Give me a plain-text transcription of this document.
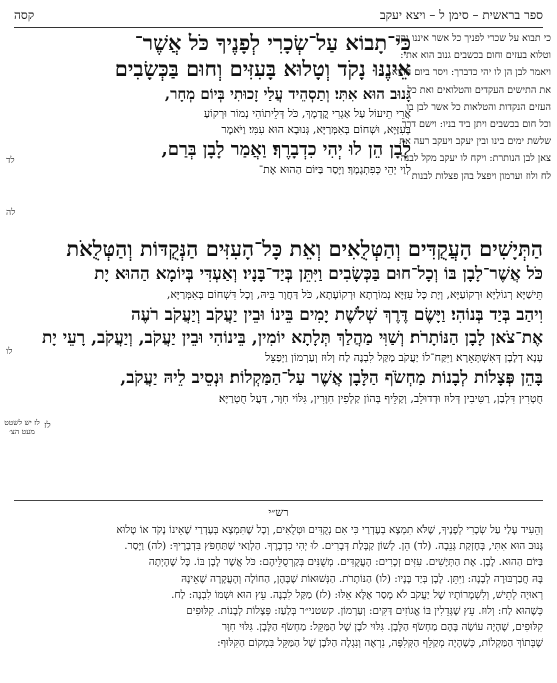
ספר בראשית – סימן ל – ויצא יעקב
קסה
כי תבוא על שכרי לפניך כל אשר איננו נקד
וטלוא בעזים וחום בכשבים גנוב הוא אתי:
ויאמר לבן הן לו יהי כדברך: ויסר ביום ההוא
את התישים העקדים והטלואים ואת כל
העזים הנקדות והטלאות כל אשר לבן בו
וכל חום בכשבים ויתן ביד בניו: וישם דרך
שלשת ימים בינו ובין יעקב ויעקב רעה את
צאן לבן הנותרת: ויקח לו יעקב מקל לבנה
לח ולוז וערמון ויפצל בהן פצלות לבנות
כִּי־תָבוֹא עַל־שְׂכָרִי לְפָנֶיךָ כֹּל אֲשֶׁר־
אֵינֶנּוּ נָקֹד וְטָלוּא בָּעִזִּים וְחוּם בַּכְּשָׂבִים
גָּנוּב הוּא אִתִּי׃ וְתַסְהֵיד עֲלַי זָכוּתִי בְּיוֹם מְחָר,
אֲרֵי תֵיעוֹל עַל אַגְרִי קֳדָמָךְ, כֹּל דְּלֵיתוֹהִי נְמוֹר וּרְקוֹעַ
בְּעִזַּיָּא, וּשְׁחוֹם בְּאִמְּרַיָּא, גְּנוּבָא הוּא עִמִּי׃ וַיֹּאמֶר
לָבָן הֵן לוּ יְהִי כִדְבָרֶךָ׃ וַאֲמַר לָבָן בְּרַם,
לְוַי יְהֵי כְּפִתְגָמָךְ׃ וַיָּסַר בַּיּוֹם הַהוּא אֶת־
לד
לה
הַתְּיָשִׁים הָעֲקֻדִּים וְהַטְּלֻאִים וְאֵת כָּל־הָעִזִּים הַנְּקֻדּוֹת וְהַטְּלֻאֹת
כֹּל אֲשֶׁר־לָבָן בּוֹ וְכָל־חוּם בַּכְּשָׂבִים וַיִּתֵּן בְּיַד־בָּנָיו׃ וְאַעְדִּי בְּיוֹמָא הַהוּא יָת
תֵּישַׁיָּא רְגוֹלַיָּא וּרְקוֹעַיָּא, וְיָת כָּל עִזַּיָּא נְמוֹרָתָא וּרְקוֹעָתָא, כֹּל דַּחֲוָר בֵּיהּ, וְכָל דִּשְׁחוֹם בְּאִמְּרַיָּא,
וִיהַב בְּיַד בְּנוֹהִי׃ וַיָּשֶׂם דֶּרֶךְ שְׁלֹשֶׁת יָמִים בֵּינוֹ וּבֵין יַעֲקֹב וְיַעֲקֹב רֹעֶה
אֶת־צֹאן לָבָן הַנּוֹתָרֹת׃ וְשַׁוִּי מַהֲלַךְ תְּלָתָא יוֹמִין, בֵּינוֹהִי וּבֵין יַעֲקֹב, וְיַעֲקֹב, רָעֵי יָת
עָנָא דְלָבָן דְּאִשְׁתְּאָרָא׃ וַיִּקַּח־לוֹ יַעֲקֹב מַקַּל לִבְנֶה לַח וְלוּז וְעַרְמוֹן וַיְפַצֵּל
בָּהֵן פְּצָלוֹת לְבָנוֹת מַחְשֹׂף הַלָּבָן אֲשֶׁר עַל־הַמַּקְלוֹת׃ וּנְסֵיב לֵיהּ יַעֲקֹב,
חֻטְרִין דִּלְבַן, רַטִּיבִין דְּלוּז וּדְדוּלֵב, וְקַלֵּיף בְּהוֹן קַלְפִין חִוָּרִין, גִּלּוֹי חִוָּר, דַּעֲל חֻטְרַיָּא׃
לו
לז
לז יש לשטט מעט הצ׳
רש״י
וְהֵעִיד עָלַי עַל שְׂכָרִי לְפָנֶיךָ, שֶׁלֹּא תִמְצָא בְעֶדְרַי כִּי אִם נְקֻדִּים וּטְלֻאִים, וְכָל שֶׁתִּמְצָא בְּעֶדְרַי שֶׁאֵינוֹ נָקֹד אוֹ טָלוּא
גָּנוּב הוּא אִתִּי, בְּחֶזְקַת גְּנֵבָה. (לד) הֵן. לְשׁוֹן קַבָּלַת דְּבָרִים. לוּ יְהִי כִדְבָרֶךָ. הַלְוַאי שֶׁתַּחְפֹּץ בִּדְבָרֶיךָ: (לה) וַיָּסַר.
בַּיּוֹם הַהוּא. לָבָן. אֶת הַתְּיָשִׁים. עִזִּים זְכָרִים: הָעֲקֻדִּים. מְשֻׁנִּים בְּקַרְסֻלֵּיהֶם: כֹּל אֲשֶׁר לָבָן בּוֹ. כָּל שֶׁהָיְתָה
בָּהּ חֲבַרְבּוּרָה לְבָנָה: וַיִּתֵּן. לָבָן בְּיַד בָּנָיו: (לו) הַנּוֹתָרֹת. הַנְּשׁוּאוֹת שֶׁבָּהֶן, הַחוֹלָה וְהָעֲקָרָה שֶׁאֵינָהּ
רְאוּיָה לְתֵישׁ, וְלִשְׁמָרוֹתָיו שֶׁל יַעֲקֹב לֹא מָסַר אֶלָּא אֵלּוּ: (לז) מַקַּל לִבְנֶה. עֵץ הוּא וּשְׁמוֹ לִבְנֶה: לַח.
כְּשֶׁהוּא לַח: וְלוּז. עֵץ שֶׁגְּדֵלִין בּוֹ אֱגוֹזִים דַּקִּים: וְעַרְמוֹן. קשטני״ר בְּלַעַז: פְּצָלוֹת לְבָנוֹת. קִלּוּפִים
קִלּוּפִים, שֶׁהָיָה עוֹשֶׂה בָּהֶם מַחְשֹׂף הַלָּבָן. גִּלּוּי לֹבֶן שֶׁל הַמַּקֵּל: מַחְשֹׂף הַלָּבָן. גִּלּוּי חִוָּר
שֶׁבְּתוֹךְ הַמַּקְלוֹת, כְּשֶׁהָיָה מְקַלֵּף הַקְּלִפָּה, נִרְאֶה וְנִגְלֶה הַלֹּבֶן שֶׁל הַמַּקֵּל בִּמְקוֹם הַקִּלּוּף:
